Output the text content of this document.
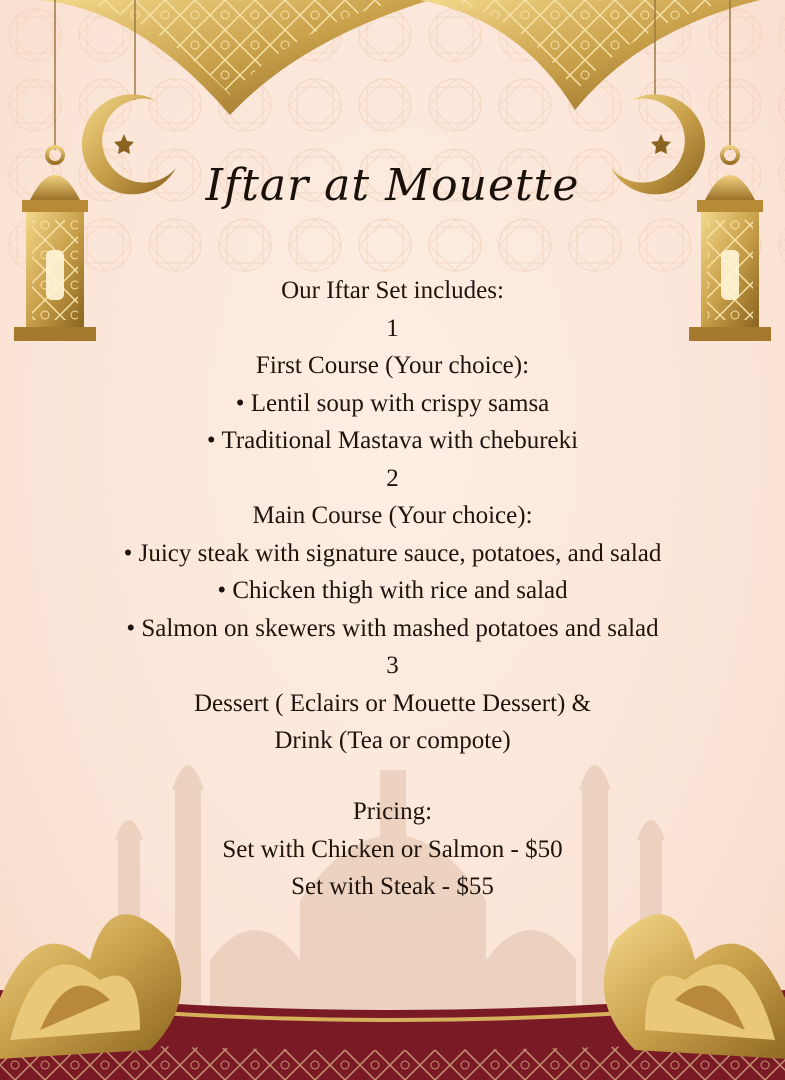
Iftar at Mouette
Our Iftar Set includes:
1
First Course (Your choice):
• Lentil soup with crispy samsa
• Traditional Mastava with chebureki
2
Main Course (Your choice):
• Juicy steak with signature sauce, potatoes, and salad
• Chicken thigh with rice and salad
• Salmon on skewers with mashed potatoes and salad
3
Dessert ( Eclairs or Mouette Dessert) &
Drink (Tea or compote)
Pricing:
Set with Chicken or Salmon - $50
Set with Steak - $55
